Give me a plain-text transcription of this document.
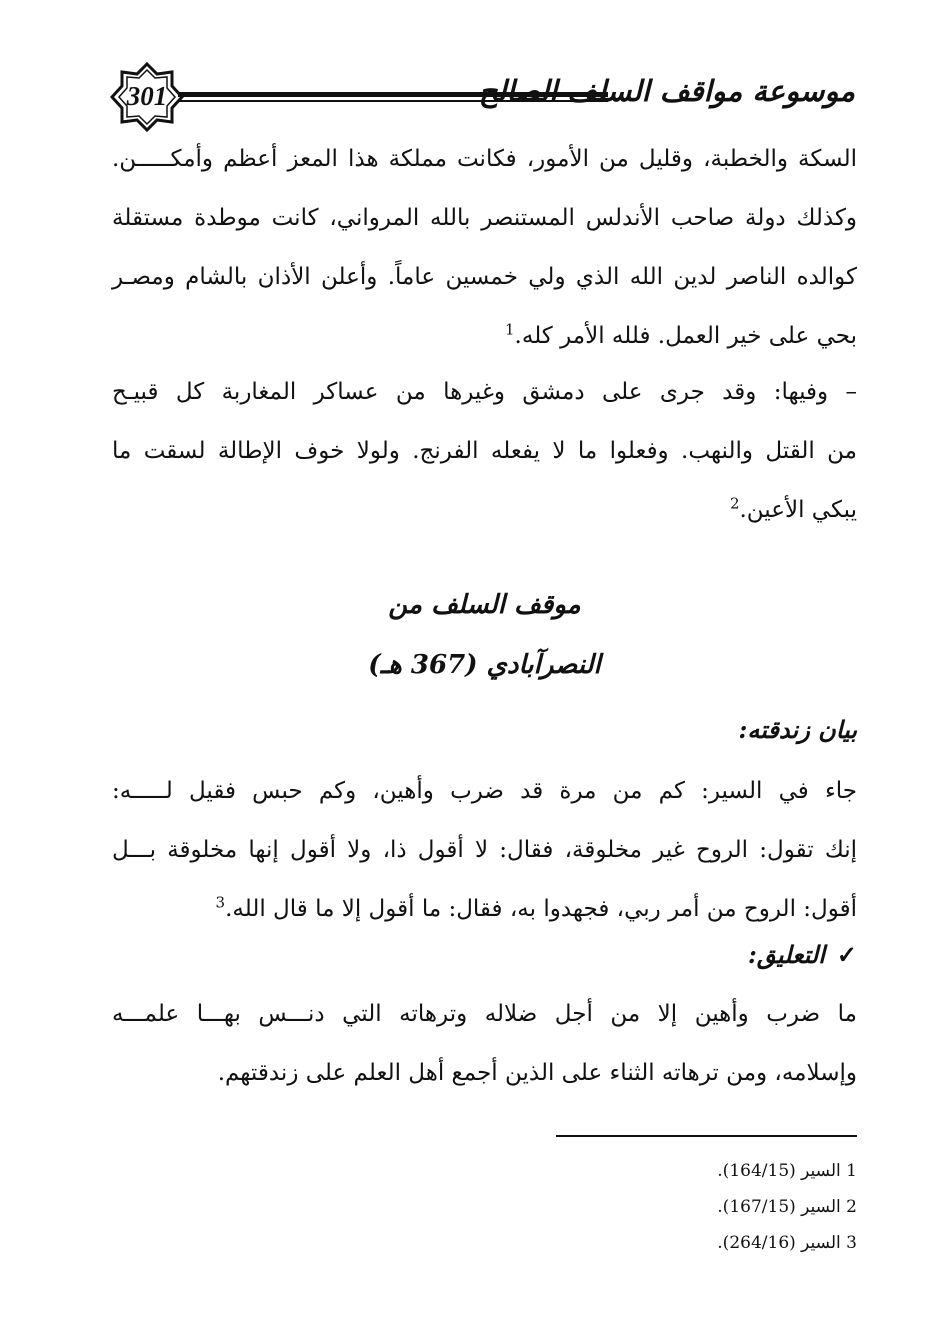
301	موسوعة مواقف السلف الصالح
السكة والخطبة، وقليل من الأمور، فكانت مملكة هذا المعز أعظم وأمكـــــن.
وكذلك دولة صاحب الأندلس المستنصر بالله المرواني، كانت موطدة مستقلة
كوالده الناصر لدين الله الذي ولي خمسين عاماً. وأعلن الأذان بالشام ومصـر
بحي على خير العمل. فلله الأمر كله.$^1$
– وفيها: وقد جرى على دمشق وغيرها من عساكر المغاربة كل قبيـح
من القتل والنهب. وفعلوا ما لا يفعله الفرنج. ولولا خوف الإطالة لسقت ما
يبكي الأعين.$^2$
موقف السلف من
النصرآبادي (367 هـ)
بيان زندقته:
جاء في السير: كم من مرة قد ضرب وأهين، وكم حبس فقيل لـــــه:
إنك تقول: الروح غير مخلوقة، فقال: لا أقول ذا، ولا أقول إنها مخلوقة بـــل
أقول: الروح من أمر ربي، فجهدوا به، فقال: ما أقول إلا ما قال الله.$^3$
✓التعليق:
ما ضرب وأهين إلا من أجل ضلاله وترهاته التي دنـــس بهـــا علمـــه
وإسلامه، ومن ترهاته الثناء على الذين أجمع أهل العلم على زندقتهم.
1 السير (164/15).
2 السير (167/15).
3 السير (264/16).
